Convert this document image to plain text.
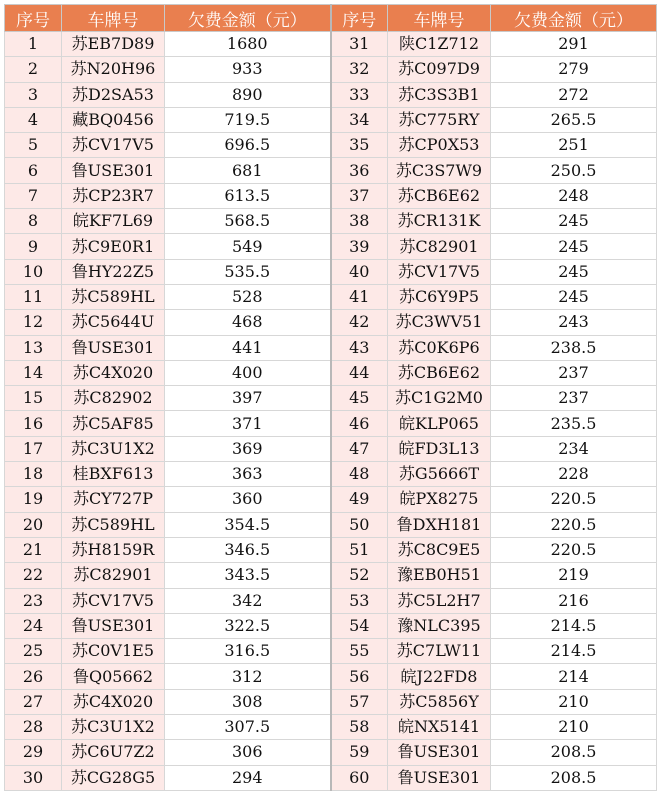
序号	车牌号	欠费金额（元）	序号	车牌号	欠费金额（元）
1	苏EB7D89	1680	31	陕C1Z712	291
2	苏N20H96	933	32	苏C097D9	279
3	苏D2SA53	890	33	苏C3S3B1	272
4	藏BQ0456	719.5	34	苏C775RY	265.5
5	苏CV17V5	696.5	35	苏CP0X53	251
6	鲁USE301	681	36	苏C3S7W9	250.5
7	苏CP23R7	613.5	37	苏CB6E62	248
8	皖KF7L69	568.5	38	苏CR131K	245
9	苏C9E0R1	549	39	苏C82901	245
10	鲁HY22Z5	535.5	40	苏CV17V5	245
11	苏C589HL	528	41	苏C6Y9P5	245
12	苏C5644U	468	42	苏C3WV51	243
13	鲁USE301	441	43	苏C0K6P6	238.5
14	苏C4X020	400	44	苏CB6E62	237
15	苏C82902	397	45	苏C1G2M0	237
16	苏C5AF85	371	46	皖KLP065	235.5
17	苏C3U1X2	369	47	皖FD3L13	234
18	桂BXF613	363	48	苏G5666T	228
19	苏CY727P	360	49	皖PX8275	220.5
20	苏C589HL	354.5	50	鲁DXH181	220.5
21	苏H8159R	346.5	51	苏C8C9E5	220.5
22	苏C82901	343.5	52	豫EB0H51	219
23	苏CV17V5	342	53	苏C5L2H7	216
24	鲁USE301	322.5	54	豫NLC395	214.5
25	苏C0V1E5	316.5	55	苏C7LW11	214.5
26	鲁Q05662	312	56	皖J22FD8	214
27	苏C4X020	308	57	苏C5856Y	210
28	苏C3U1X2	307.5	58	皖NX5141	210
29	苏C6U7Z2	306	59	鲁USE301	208.5
30	苏CG28G5	294	60	鲁USE301	208.5
